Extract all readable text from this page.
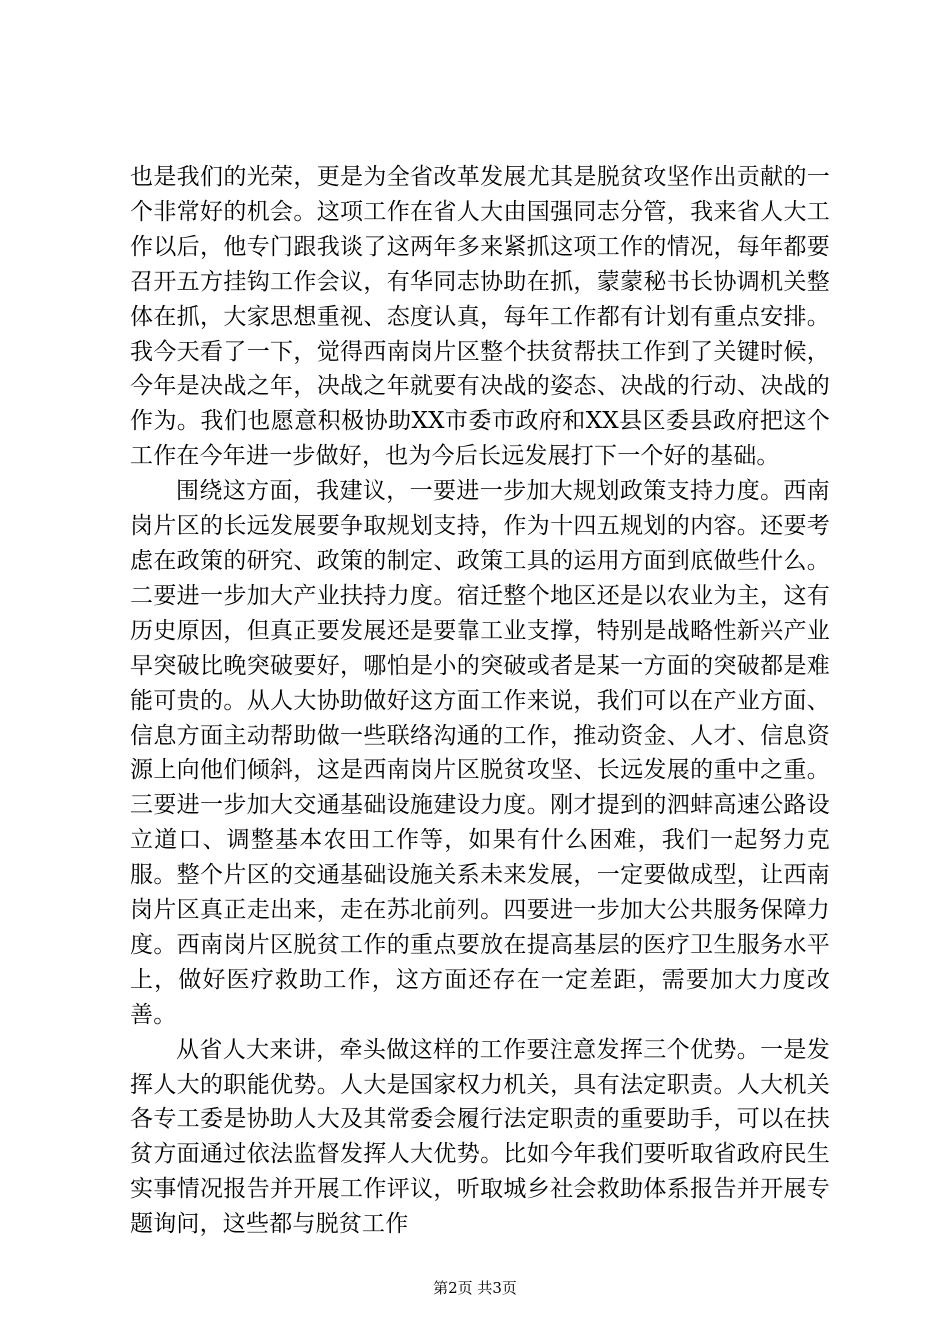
也是我们的光荣，更是为全省改革发展尤其是脱贫攻坚作出贡献的一个非常好的机会。这项工作在省人大由国强同志分管，我来省人大工作以后，他专门跟我谈了这两年多来紧抓这项工作的情况，每年都要召开五方挂钩工作会议，有华同志协助在抓，蒙蒙秘书长协调机关整体在抓，大家思想重视、态度认真，每年工作都有计划有重点安排。我今天看了一下，觉得西南岗片区整个扶贫帮扶工作到了关键时候，今年是决战之年，决战之年就要有决战的姿态、决战的行动、决战的作为。我们也愿意积极协助XX市委市政府和XX县区委县政府把这个工作在今年进一步做好，也为今后长远发展打下一个好的基础。

围绕这方面，我建议，一要进一步加大规划政策支持力度。西南岗片区的长远发展要争取规划支持，作为十四五规划的内容。还要考虑在政策的研究、政策的制定、政策工具的运用方面到底做些什么。二要进一步加大产业扶持力度。宿迁整个地区还是以农业为主，这有历史原因，但真正要发展还是要靠工业支撑，特别是战略性新兴产业早突破比晚突破要好，哪怕是小的突破或者是某一方面的突破都是难能可贵的。从人大协助做好这方面工作来说，我们可以在产业方面、信息方面主动帮助做一些联络沟通的工作，推动资金、人才、信息资源上向他们倾斜，这是西南岗片区脱贫攻坚、长远发展的重中之重。三要进一步加大交通基础设施建设力度。刚才提到的泗蚌高速公路设立道口、调整基本农田工作等，如果有什么困难，我们一起努力克服。整个片区的交通基础设施关系未来发展，一定要做成型，让西南岗片区真正走出来，走在苏北前列。四要进一步加大公共服务保障力度。西南岗片区脱贫工作的重点要放在提高基层的医疗卫生服务水平上，做好医疗救助工作，这方面还存在一定差距，需要加大力度改善。

从省人大来讲，牵头做这样的工作要注意发挥三个优势。一是发挥人大的职能优势。人大是国家权力机关，具有法定职责。人大机关各专工委是协助人大及其常委会履行法定职责的重要助手，可以在扶贫方面通过依法监督发挥人大优势。比如今年我们要听取省政府民生实事情况报告并开展工作评议，听取城乡社会救助体系报告并开展专题询问，这些都与脱贫工作

第2页 共3页
